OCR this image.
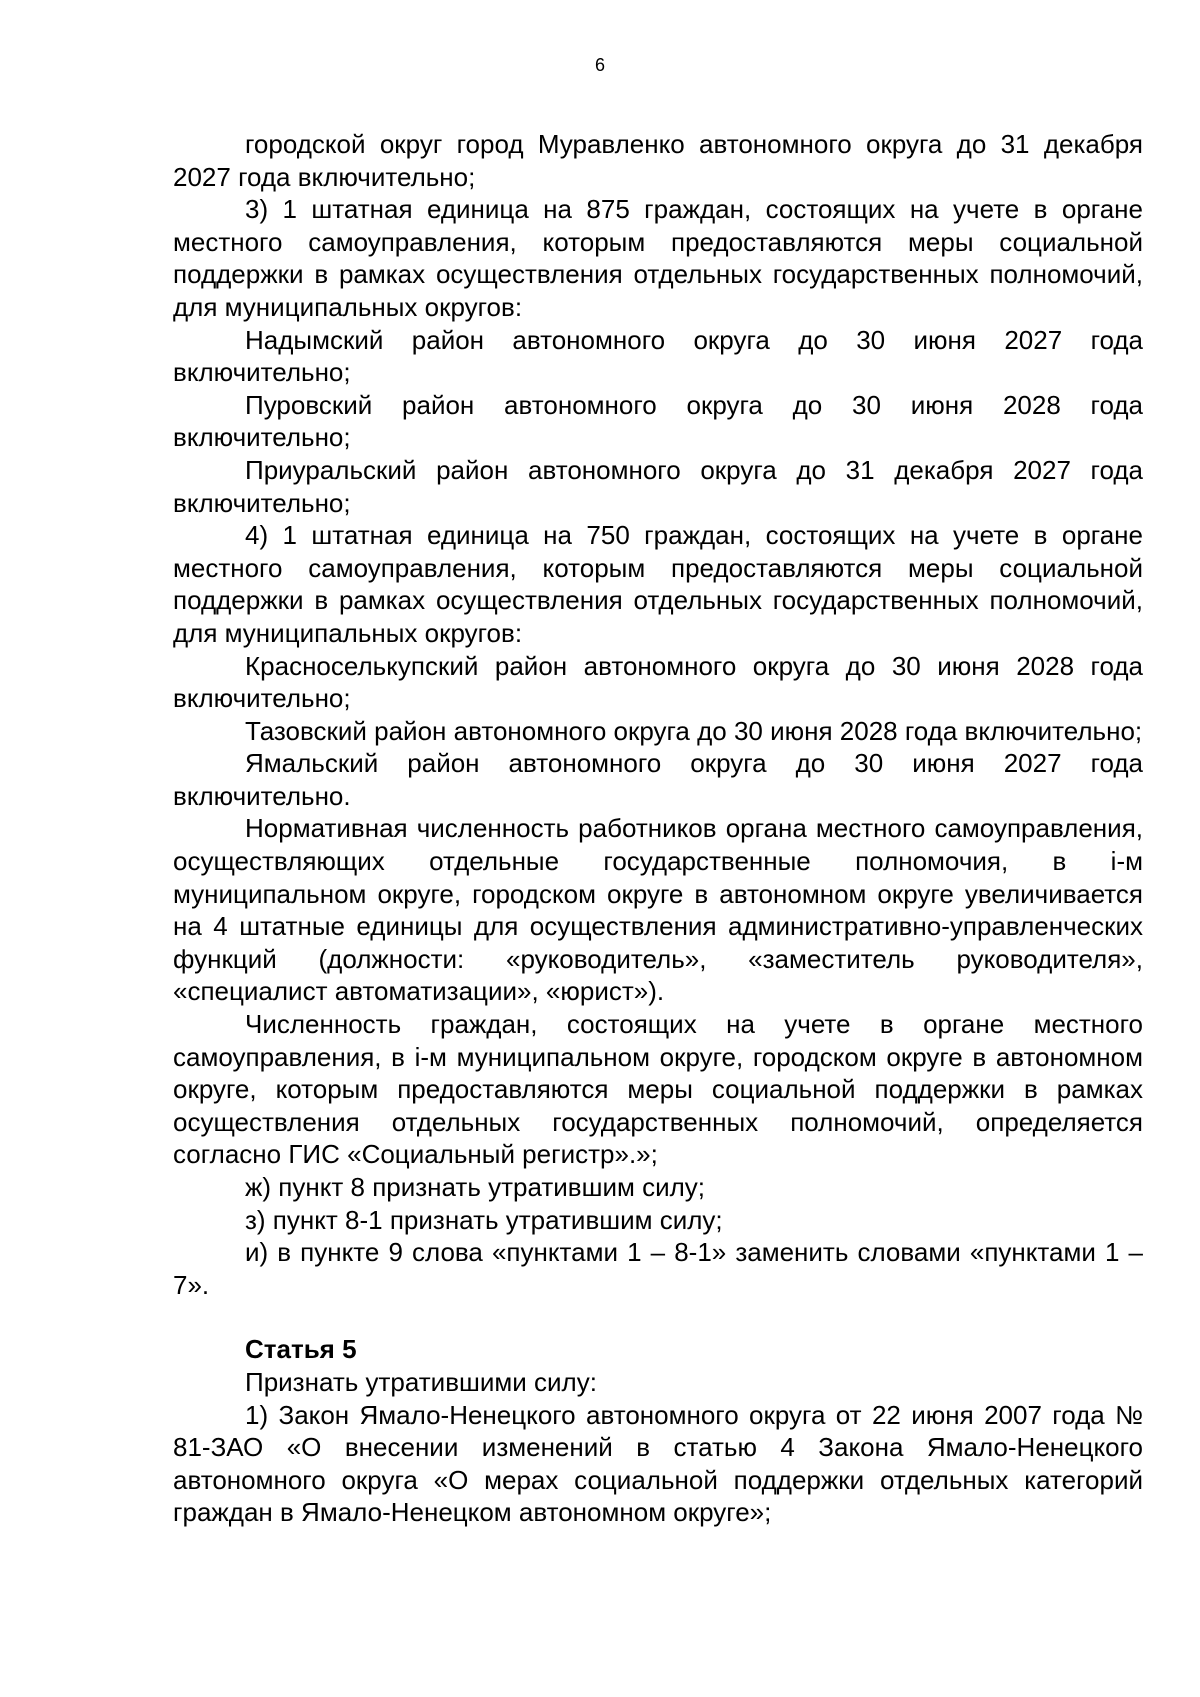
6

городской округ город Муравленко автономного округа до 31 декабря 2027 года включительно;

3) 1 штатная единица на 875 граждан, состоящих на учете в органе местного самоуправления, которым предоставляются меры социальной поддержки в рамках осуществления отдельных государственных полномочий, для муниципальных округов:

Надымский район автономного округа до 30 июня 2027 года включительно;

Пуровский район автономного округа до 30 июня 2028 года включительно;

Приуральский район автономного округа до 31 декабря 2027 года включительно;

4) 1 штатная единица на 750 граждан, состоящих на учете в органе местного самоуправления, которым предоставляются меры социальной поддержки в рамках осуществления отдельных государственных полномочий, для муниципальных округов:

Красноселькупский район автономного округа до 30 июня 2028 года включительно;

Тазовский район автономного округа до 30 июня 2028 года включительно;

Ямальский район автономного округа до 30 июня 2027 года включительно.

Нормативная численность работников органа местного самоуправления, осуществляющих отдельные государственные полномочия, в i-м муниципальном округе, городском округе в автономном округе увеличивается на 4 штатные единицы для осуществления административно-управленческих функций (должности: «руководитель», «заместитель руководителя», «специалист автоматизации», «юрист»).

Численность граждан, состоящих на учете в органе местного самоуправления, в i-м муниципальном округе, городском округе в автономном округе, которым предоставляются меры социальной поддержки в рамках осуществления отдельных государственных полномочий, определяется согласно ГИС «Социальный регистр».»;

ж) пункт 8 признать утратившим силу;

з) пункт 8-1 признать утратившим силу;

и) в пункте 9 слова «пунктами 1 – 8-1» заменить словами «пунктами 1 – 7».

Статья 5

Признать утратившими силу:

1) Закон Ямало-Ненецкого автономного округа от 22 июня 2007 года № 81-ЗАО «О внесении изменений в статью 4 Закона Ямало-Ненецкого автономного округа «О мерах социальной поддержки отдельных категорий граждан в Ямало-Ненецком автономном округе»;
